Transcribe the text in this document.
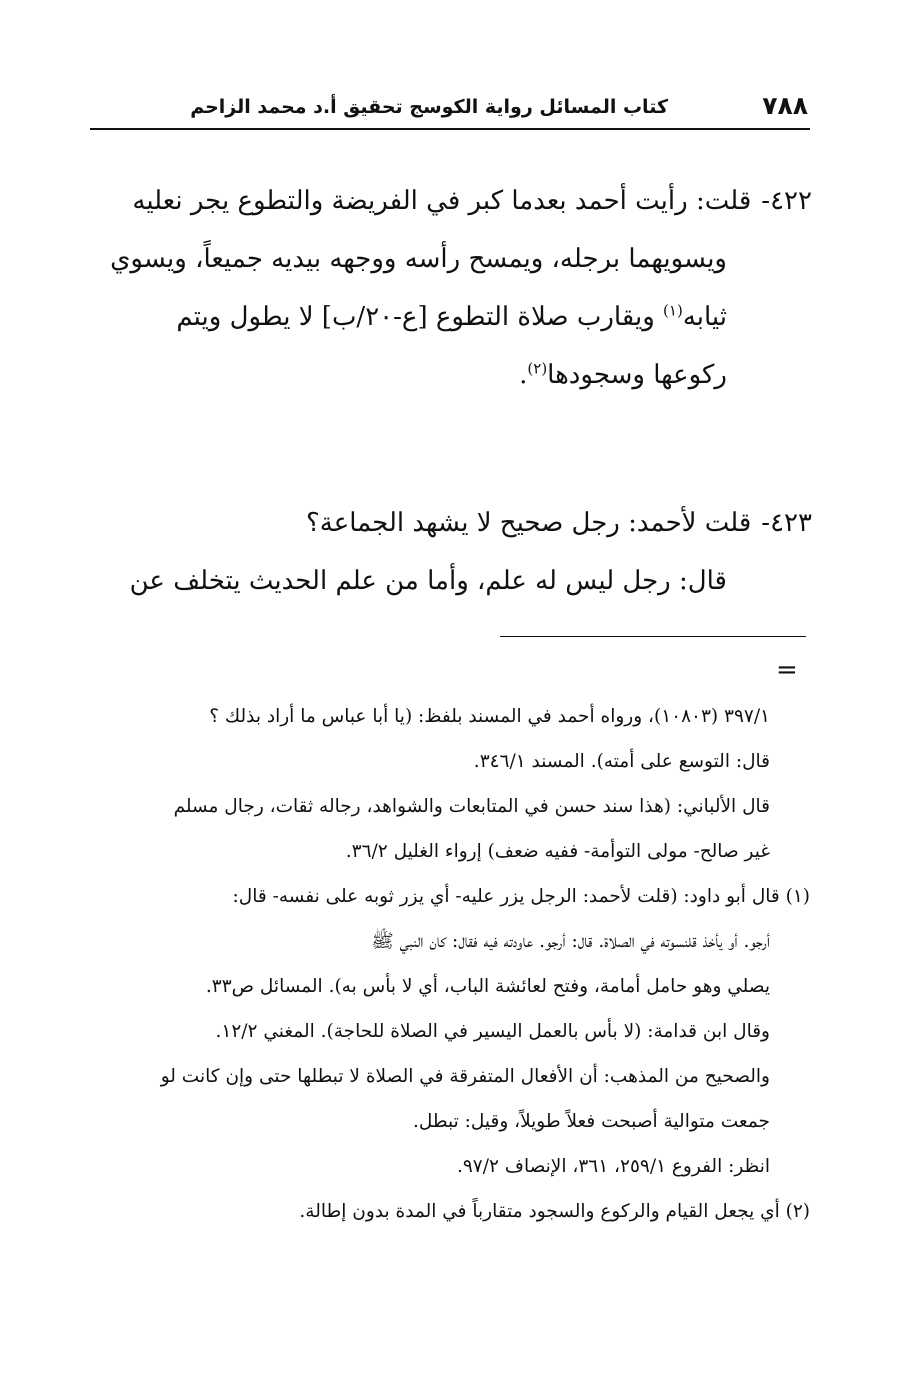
٧٨٨
كتاب المسائل رواية الكوسج تحقيق أ.د محمد الزاحم

٤٢٢-قلت: رأيت أحمد بعدما كبر في الفريضة والتطوع يجر نعليه

ويسويهما برجله، ويمسح رأسه ووجهه بيديه جميعاً، ويسوي

ثيابه$^{(١)}$ ويقارب صلاة التطوع [ع-٢٠/ب] لا يطول ويتم

ركوعها وسجودها$^{(٢)}$.

٤٢٣-قلت لأحمد: رجل صحيح لا يشهد الجماعة؟

قال: رجل ليس له علم، وأما من علم الحديث يتخلف عن

=

٣٩٧/١ (١٠٨٠٣)، ورواه أحمد في المسند بلفظ: (يا أبا عباس ما أراد بذلك ؟

قال: التوسع على أمته). المسند ٣٤٦/١.

قال الألباني: (هذا سند حسن في المتابعات والشواهد، رجاله ثقات، رجال مسلم

غير صالح- مولى التوأمة- ففيه ضعف) إرواء الغليل ٣٦/٢.

(١) قال أبو داود: (قلت لأحمد: الرجل يزر عليه- أي يزر ثوبه على نفسه- قال:

أرجو. أو يأخذ قلنسوته في الصلاة. قال: أرجو. عاودته فيه فقال: كان النبي ﷺ

يصلي وهو حامل أمامة، وفتح لعائشة الباب، أي لا بأس به). المسائل ص٣٣.

وقال ابن قدامة: (لا بأس بالعمل اليسير في الصلاة للحاجة). المغني ١٢/٢.

والصحيح من المذهب: أن الأفعال المتفرقة في الصلاة لا تبطلها حتى وإن كانت لو

جمعت متوالية أصبحت فعلاً طويلاً، وقيل: تبطل.

انظر: الفروع ٢٥٩/١، ٣٦١، الإنصاف ٩٧/٢.

(٢) أي يجعل القيام والركوع والسجود متقارباً في المدة بدون إطالة.
